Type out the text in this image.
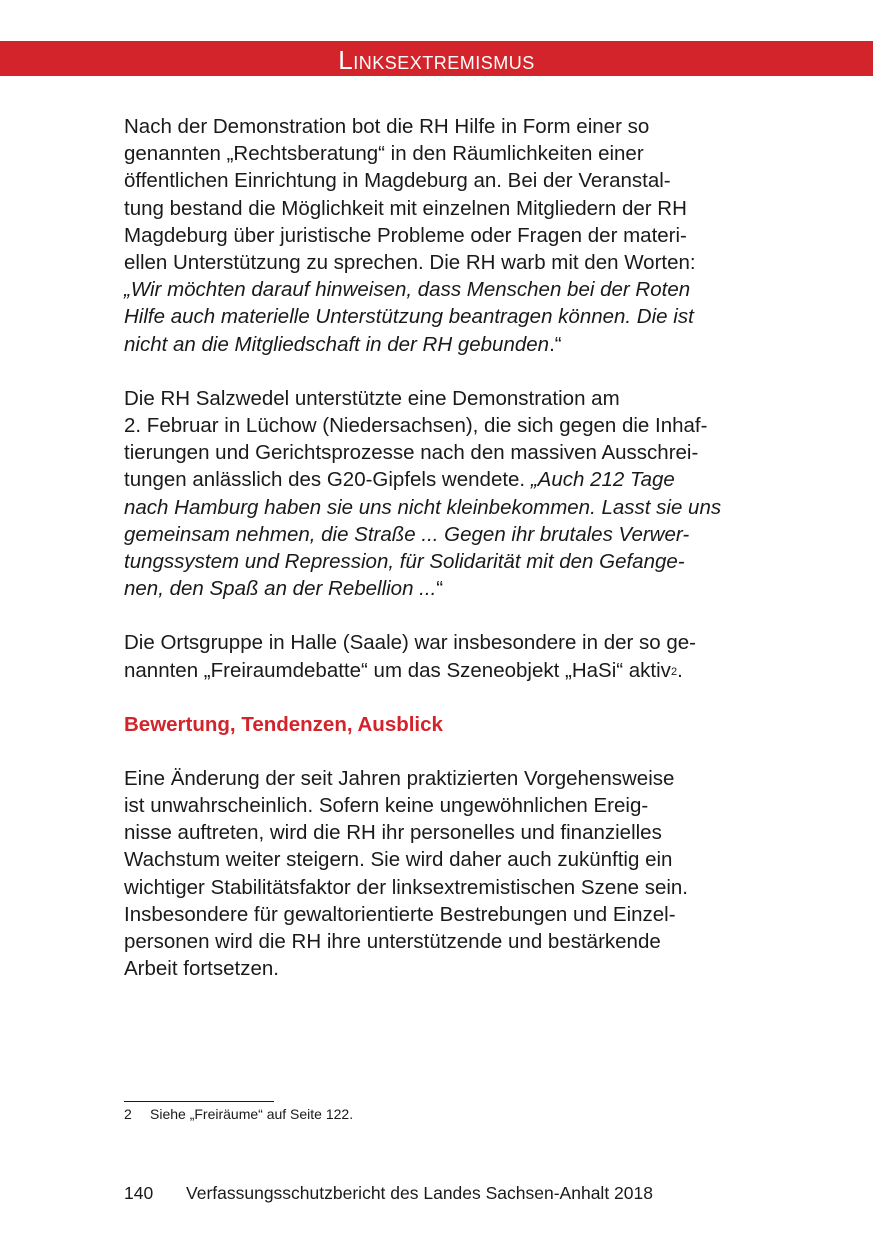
Linksextremismus

Nach der Demonstration bot die RH Hilfe in Form einer so
genannten „Rechtsberatung“ in den Räumlichkeiten einer
öffentlichen Einrichtung in Magdeburg an. Bei der Veranstal-
tung bestand die Möglichkeit mit einzelnen Mitgliedern der RH
Magdeburg über juristische Probleme oder Fragen der materi-
ellen Unterstützung zu sprechen. Die RH warb mit den Worten:
„Wir möchten darauf hinweisen, dass Menschen bei der Roten
Hilfe auch materielle Unterstützung beantragen können. Die ist
nicht an die Mitgliedschaft in der RH gebunden.“

Die RH Salzwedel unterstützte eine Demonstration am
2. Februar in Lüchow (Niedersachsen), die sich gegen die Inhaf-
tierungen und Gerichtsprozesse nach den massiven Ausschrei-
tungen anlässlich des G20-Gipfels wendete. „Auch 212 Tage
nach Hamburg haben sie uns nicht kleinbekommen. Lasst sie uns
gemeinsam nehmen, die Straße ... Gegen ihr brutales Verwer-
tungssystem und Repression, für Solidarität mit den Gefange-
nen, den Spaß an der Rebellion ...“

Die Ortsgruppe in Halle (Saale) war insbesondere in der so ge-
nannten „Freiraumdebatte“ um das Szeneobjekt „HaSi“ aktiv$^2$.

Bewertung, Tendenzen, Ausblick

Eine Änderung der seit Jahren praktizierten Vorgehensweise
ist unwahrscheinlich. Sofern keine ungewöhnlichen Ereig-
nisse auftreten, wird die RH ihr personelles und finanzielles
Wachstum weiter steigern. Sie wird daher auch zukünftig ein
wichtiger Stabilitätsfaktor der linksextremistischen Szene sein.
Insbesondere für gewaltorientierte Bestrebungen und Einzel-
personen wird die RH ihre unterstützende und bestärkende
Arbeit fortsetzen.

2 Siehe „Freiräume“ auf Seite 122.
140 Verfassungsschutzbericht des Landes Sachsen-Anhalt 2018
